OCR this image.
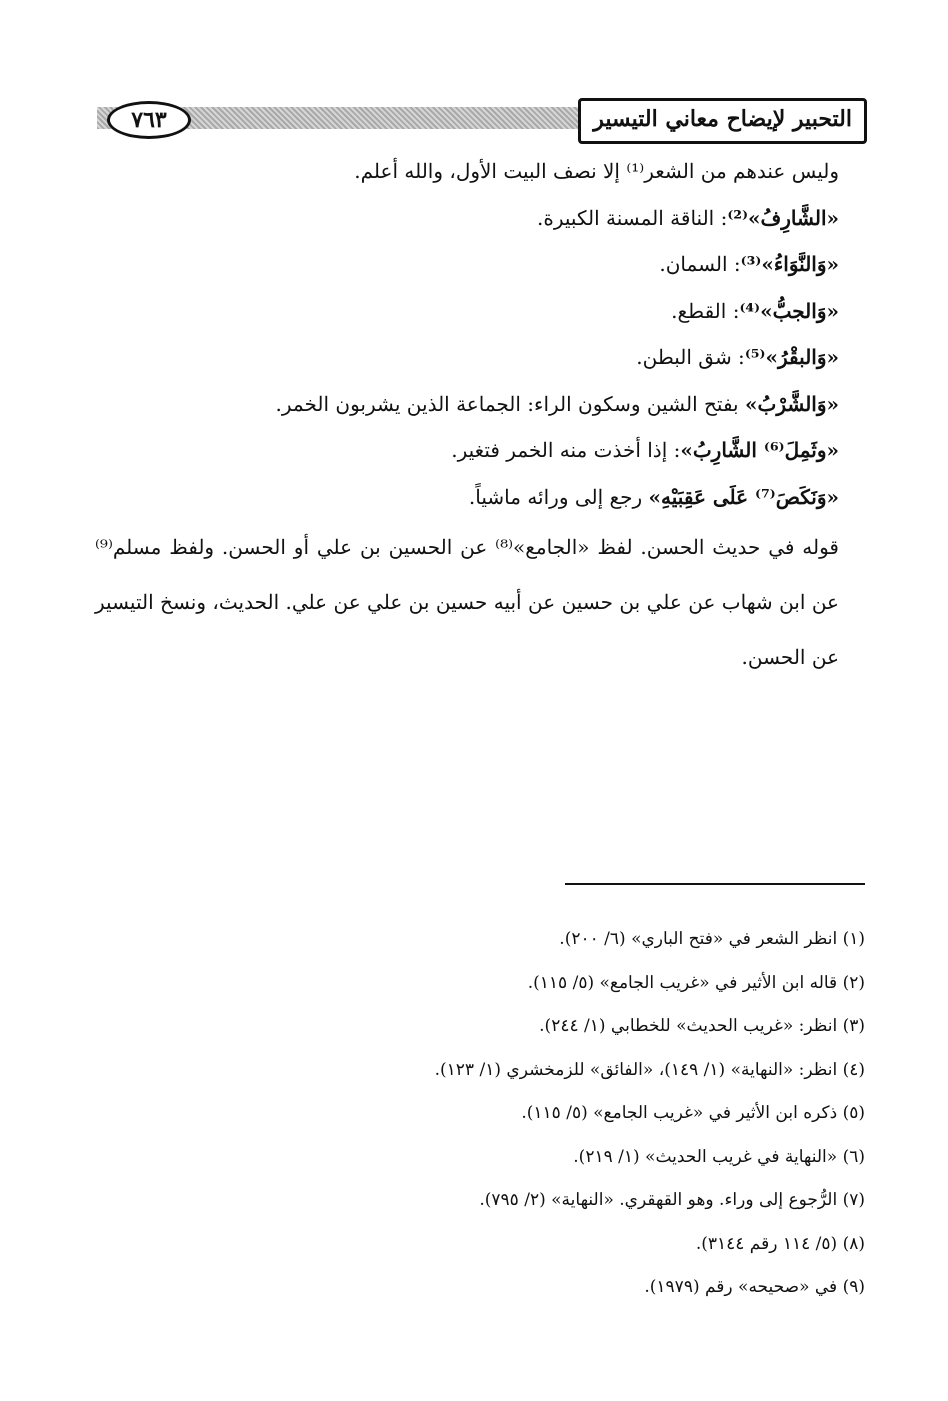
التحبير لإيضاح معاني التيسير
٧٦٣

وليس عندهم من الشعر⁽¹⁾ إلا نصف البيت الأول، والله أعلم.

«الشَّارِفُ»⁽²⁾: الناقة المسنة الكبيرة.

«وَالنَّوَاءُ»⁽³⁾: السمان.

«وَالجبُّ»⁽⁴⁾: القطع.

«وَالبقْرُ»⁽⁵⁾: شق البطن.

«وَالشَّرْبُ» بفتح الشين وسكون الراء: الجماعة الذين يشربون الخمر.

«وثَمِلَ⁽⁶⁾ الشَّارِبُ»: إذا أخذت منه الخمر فتغير.

«وَنَكَصَ⁽⁷⁾ عَلَى عَقِبَيْهِ» رجع إلى ورائه ماشياً.

قوله في حديث الحسن. لفظ «الجامع»⁽⁸⁾ عن الحسين بن علي أو الحسن. ولفظ مسلم⁽⁹⁾ عن ابن شهاب عن علي بن حسين عن أبيه حسين بن علي عن علي. الحديث، ونسخ التيسير عن الحسن.

(١) انظر الشعر في «فتح الباري» (٦/ ٢٠٠).

(٢) قاله ابن الأثير في «غريب الجامع» (٥/ ١١٥).

(٣) انظر: «غريب الحديث» للخطابي (١/ ٢٤٤).

(٤) انظر: «النهاية» (١/ ١٤٩)، «الفائق» للزمخشري (١/ ١٢٣).

(٥) ذكره ابن الأثير في «غريب الجامع» (٥/ ١١٥).

(٦) «النهاية في غريب الحديث» (١/ ٢١٩).

(٧) الرُّجوع إلى وراء. وهو القهقري. «النهاية» (٢/ ٧٩٥).

(٨) (٥/ ١١٤ رقم ٣١٤٤).

(٩) في «صحيحه» رقم (١٩٧٩).
